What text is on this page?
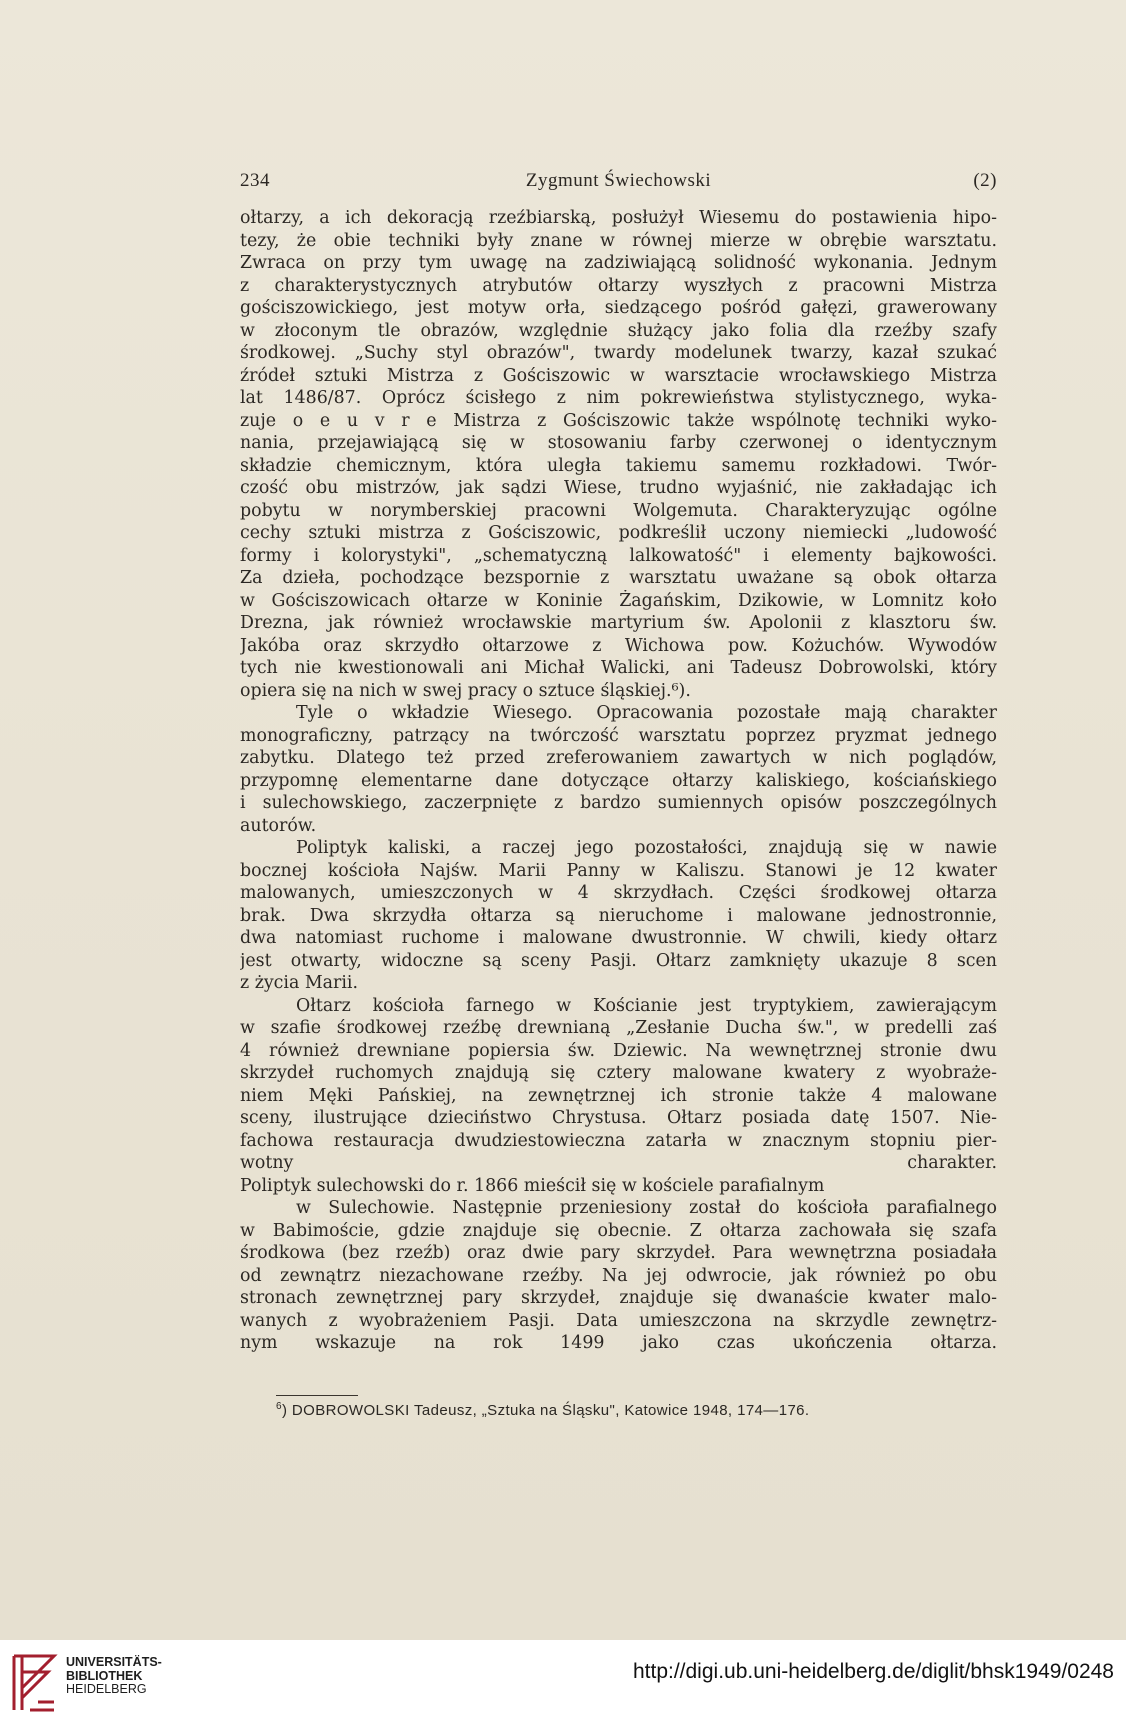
234	Zygmunt Świechowski	(2)
ołtarzy, a ich dekoracją rzeźbiarską, posłużył Wiesemu do postawienia hipo-
tezy, że obie techniki były znane w równej mierze w obrębie warsztatu.
Zwraca on przy tym uwagę na zadziwiającą solidność wykonania. Jednym
z charakterystycznych atrybutów ołtarzy wyszłych z pracowni Mistrza
gościszowickiego, jest motyw orła, siedzącego pośród gałęzi, grawerowany
w złoconym tle obrazów, względnie służący jako folia dla rzeźby szafy
środkowej. „Suchy styl obrazów", twardy modelunek twarzy, kazał szukać
źródeł sztuki Mistrza z Gościszowic w warsztacie wrocławskiego Mistrza
lat 1486/87. Oprócz ścisłego z nim pokrewieństwa stylistycznego, wyka-
zuje o e u v r e Mistrza z Gościszowic także wspólnotę techniki wyko-
nania, przejawiającą się w stosowaniu farby czerwonej o identycznym
składzie chemicznym, która uległa takiemu samemu rozkładowi. Twór-
czość obu mistrzów, jak sądzi Wiese, trudno wyjaśnić, nie zakładając ich
pobytu w norymberskiej pracowni Wolgemuta. Charakteryzując ogólne
cechy sztuki mistrza z Gościszowic, podkreślił uczony niemiecki „ludowość
formy i kolorystyki", „schematyczną lalkowatość" i elementy bajkowości.
Za dzieła, pochodzące bezspornie z warsztatu uważane są obok ołtarza
w Gościszowicach ołtarze w Koninie Żagańskim, Dzikowie, w Lomnitz koło
Drezna, jak również wrocławskie martyrium św. Apolonii z klasztoru św.
Jakóba oraz skrzydło ołtarzowe z Wichowa pow. Kożuchów. Wywodów
tych nie kwestionowali ani Michał Walicki, ani Tadeusz Dobrowolski, który
opiera się na nich w swej pracy o sztuce śląskiej.⁶).
Tyle o wkładzie Wiesego. Opracowania pozostałe mają charakter
monograficzny, patrzący na twórczość warsztatu poprzez pryzmat jednego
zabytku. Dlatego też przed zreferowaniem zawartych w nich poglądów,
przypomnę elementarne dane dotyczące ołtarzy kaliskiego, kościańskiego
i sulechowskiego, zaczerpnięte z bardzo sumiennych opisów poszczególnych
autorów.
Poliptyk kaliski, a raczej jego pozostałości, znajdują się w nawie
bocznej kościoła Najśw. Marii Panny w Kaliszu. Stanowi je 12 kwater
malowanych, umieszczonych w 4 skrzydłach. Części środkowej ołtarza
brak. Dwa skrzydła ołtarza są nieruchome i malowane jednostronnie,
dwa natomiast ruchome i malowane dwustronnie. W chwili, kiedy ołtarz
jest otwarty, widoczne są sceny Pasji. Ołtarz zamknięty ukazuje 8 scen
z życia Marii.
Ołtarz kościoła farnego w Kościanie jest tryptykiem, zawierającym
w szafie środkowej rzeźbę drewnianą „Zesłanie Ducha św.", w predelli zaś
4 również drewniane popiersia św. Dziewic. Na wewnętrznej stronie dwu
skrzydeł ruchomych znajdują się cztery malowane kwatery z wyobraże-
niem Męki Pańskiej, na zewnętrznej ich stronie także 4 malowane
sceny, ilustrujące dzieciństwo Chrystusa. Ołtarz posiada datę 1507. Nie-
fachowa restauracja dwudziestowieczna zatarła w znacznym stopniu pier-
wotny charakter.
Poliptyk sulechowski do r. 1866 mieścił się w kościele parafialnym
w Sulechowie. Następnie przeniesiony został do kościoła parafialnego
w Babimoście, gdzie znajduje się obecnie. Z ołtarza zachowała się szafa
środkowa (bez rzeźb) oraz dwie pary skrzydeł. Para wewnętrzna posiadała
od zewnątrz niezachowane rzeźby. Na jej odwrocie, jak również po obu
stronach zewnętrznej pary skrzydeł, znajduje się dwanaście kwater malo-
wanych z wyobrażeniem Pasji. Data umieszczona na skrzydle zewnętrz-
nym wskazuje na rok 1499 jako czas ukończenia ołtarza.
$^6$) DOBROWOLSKI Tadeusz, „Sztuka na Śląsku", Katowice 1948, 174—176.
UNIVERSITÄTS-
BIBLIOTHEK
HEIDELBERG
http://digi.ub.uni-heidelberg.de/diglit/bhsk1949/0248
